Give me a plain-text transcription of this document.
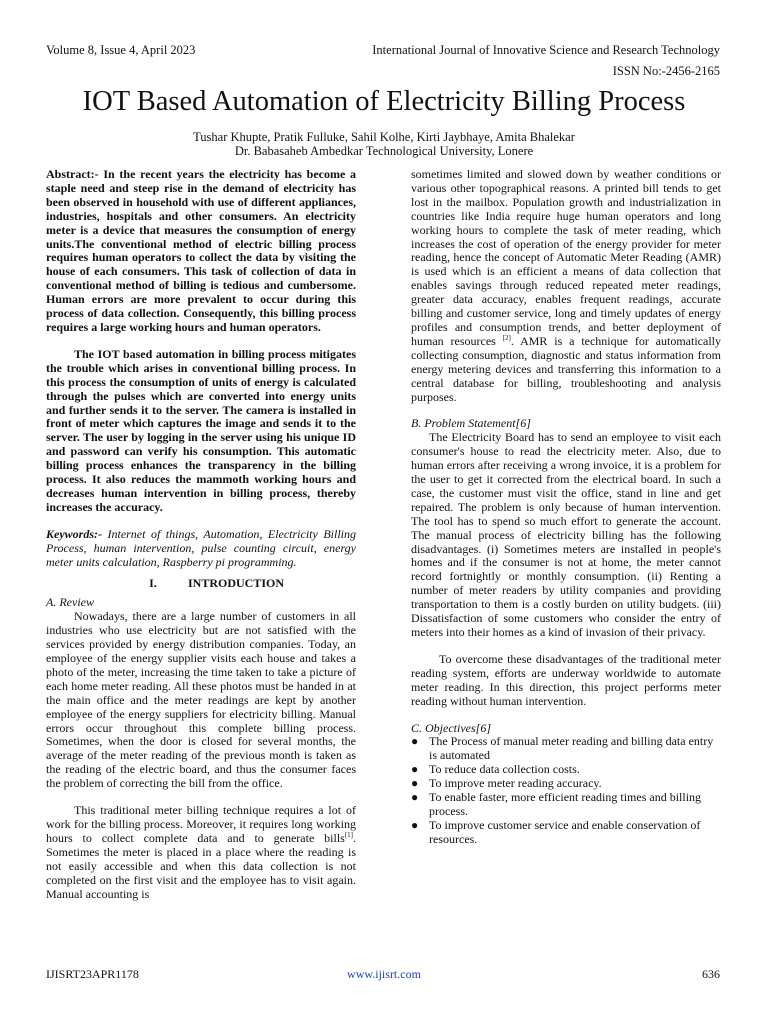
Volume 8, Issue 4, April 2023	International Journal of Innovative Science and Research Technology
ISSN No:-2456-2165
IOT Based Automation of Electricity Billing Process
Tushar Khupte, Pratik Fulluke, Sahil Kolhe, Kirti Jaybhaye, Amita Bhalekar
Dr. Babasaheb Ambedkar Technological University, Lonere

Abstract:- In the recent years the electricity has become a staple need and steep rise in the demand of electricity has been observed in household with use of different appliances, industries, hospitals and other consumers. An electricity meter is a device that measures the consumption of energy units.The conventional method of electric billing process requires human operators to collect the data by visiting the house of each consumers. This task of collection of data in conventional method of billing is tedious and cumbersome. Human errors are more prevalent to occur during this process of data collection. Consequently, this billing process requires a large working hours and human operators.

The IOT based automation in billing process mitigates the trouble which arises in conventional billing process. In this process the consumption of units of energy is calculated through the pulses which are converted into energy units and further sends it to the server. The camera is installed in front of meter which captures the image and sends it to the server. The user by logging in the server using his unique ID and password can verify his consumption. This automatic billing process enhances the transparency in the billing process. It also reduces the mammoth working hours and decreases human intervention in billing process, thereby increases the accuracy.

Keywords:- Internet of things, Automation, Electricity Billing Process, human intervention, pulse counting circuit, energy meter units calculation, Raspberry pi programming.

I.	INTRODUCTION

A. Review

Nowadays, there are a large number of customers in all industries who use electricity but are not satisfied with the services provided by energy distribution companies. Today, an employee of the energy supplier visits each house and takes a photo of the meter, increasing the time taken to take a picture of each home meter reading. All these photos must be handed in at the main office and the meter readings are kept by another employee of the energy suppliers for electricity billing. Manual errors occur throughout this complete billing process. Sometimes, when the door is closed for several months, the average of the meter reading of the previous month is taken as the reading of the electric board, and thus the consumer faces the problem of correcting the bill from the office.

This traditional meter billing technique requires a lot of work for the billing process. Moreover, it requires long working hours to collect complete data and to generate bills[1]. Sometimes the meter is placed in a place where the reading is not easily accessible and when this data collection is not completed on the first visit and the employee has to visit again. Manual accounting is

sometimes limited and slowed down by weather conditions or various other topographical reasons. A printed bill tends to get lost in the mailbox. Population growth and industrialization in countries like India require huge human operators and long working hours to complete the task of meter reading, which increases the cost of operation of the energy provider for meter reading, hence the concept of Automatic Meter Reading (AMR) is used which is an efficient a means of data collection that enables savings through reduced repeated meter readings, greater data accuracy, enables frequent readings, accurate billing and customer service, long and timely updates of energy profiles and consumption trends, and better deployment of human resources [2]. AMR is a technique for automatically collecting consumption, diagnostic and status information from energy metering devices and transferring this information to a central database for billing, troubleshooting and analysis purposes.

B. Problem Statement[6]

The Electricity Board has to send an employee to visit each consumer's house to read the electricity meter. Also, due to human errors after receiving a wrong invoice, it is a problem for the user to get it corrected from the electrical board. In such a case, the customer must visit the office, stand in line and get repaired. The problem is only because of human intervention. The tool has to spend so much effort to generate the account. The manual process of electricity billing has the following disadvantages. (i) Sometimes meters are installed in people's homes and if the consumer is not at home, the meter cannot record fortnightly or monthly consumption. (ii) Renting a number of meter readers by utility companies and providing transportation to them is a costly burden on utility budgets. (iii) Dissatisfaction of some customers who consider the entry of meters into their homes as a kind of invasion of their privacy.

To overcome these disadvantages of the traditional meter reading system, efforts are underway worldwide to automate meter reading. In this direction, this project performs meter reading without human intervention.

C. Objectives[6]

● The Process of manual meter reading and billing data entry is automated
● To reduce data collection costs.
● To improve meter reading accuracy.
● To enable faster, more efficient reading times and billing process.
● To improve customer service and enable conservation of resources.
IJISRT23APR1178	www.ijisrt.com	636
